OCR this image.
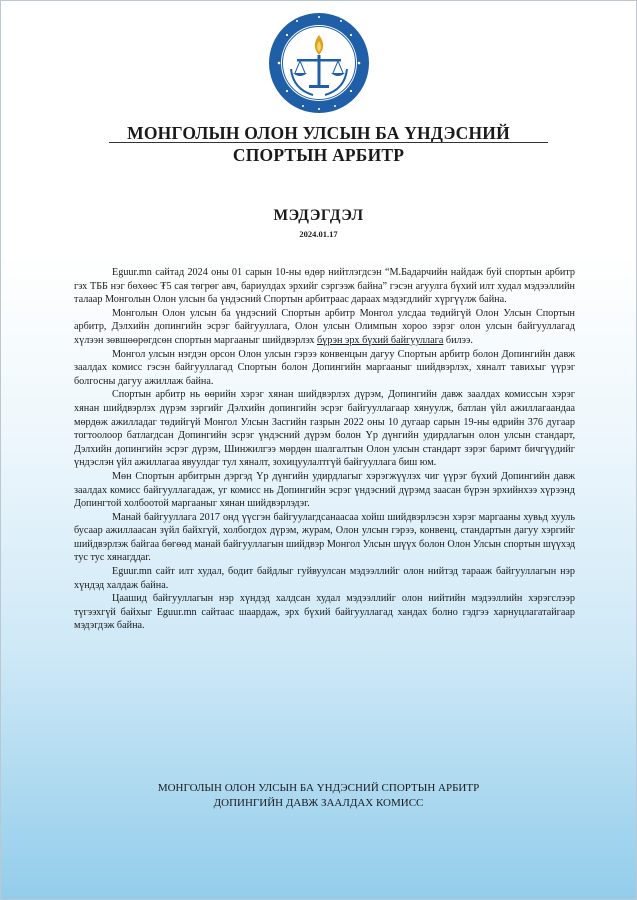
МОНГОЛЫН ОЛОН УЛСЫН БА ҮНДЭСНИЙ
СПОРТЫН АРБИТР
МЭДЭГДЭЛ
2024.01.17

Eguur.mn сайтад 2024 оны 01 сарын 10-ны өдөр нийтлэгдсэн “М.Бадарчийн найдаж буй спортын арбитр гэх ТББ нэг бөхөөс ₮5 сая төгрөг авч, бариулдах эрхийг сэргээж байна” гэсэн агуулга бүхий илт худал мэдээллийн талаар Монголын Олон улсын ба үндэсний Спортын арбитраас дараах мэдэгдлийг хүргүүлж байна.

Монголын Олон улсын ба үндэсний Спортын арбитр Монгол улсдаа төдийгүй Олон Улсын Спортын арбитр, Дэлхийн допингийн эсрэг байгууллага, Олон улсын Олимпын хороо зэрэг олон улсын байгууллагад хүлээн зөвшөөрөгдсөн спортын маргааныг шийдвэрлэх бүрэн эрх бүхий байгууллага билээ.

Монгол улсын нэгдэн орсон Олон улсын гэрээ конвенцын дагуу Спортын арбитр болон Допингийн давж заалдах комисс гэсэн байгууллагад Спортын болон Допингийн маргааныг шийдвэрлэх, хяналт тавихыг үүрэг болгосны дагуу ажиллаж байна.

Спортын арбитр нь өөрийн хэрэг хянан шийдвэрлэх дүрэм, Допингийн давж заалдах комиссын хэрэг хянан шийдвэрлэх дүрэм зэргийг Дэлхийн допингийн эсрэг байгууллагаар хянуулж, батлан үйл ажиллагаандаа мөрдөж ажилладаг төдийгүй Монгол Улсын Засгийн газрын 2022 оны 10 дугаар сарын 19-ны өдрийн 376 дугаар тогтоолоор батлагдсан Допингийн эсрэг үндэсний дүрэм болон Үр дүнгийн удирдлагын олон улсын стандарт, Дэлхийн допингийн эсрэг дүрэм, Шинжилгээ мөрдөн шалгалтын Олон улсын стандарт зэрэг баримт бичгүүдийг үндэслэн үйл ажиллагаа явуулдаг тул хяналт, зохицуулалтгүй байгууллага биш юм.

Мөн Спортын арбитрын дэргэд Үр дүнгийн удирдлагыг хэрэгжүүлэх чиг үүрэг бүхий Допингийн давж заалдах комисс байгууллагадаж, уг комисс нь Допингийн эсрэг үндэсний дүрэмд заасан бүрэн эрхийнхээ хүрээнд Допингтой холбоотой маргааныг хянан шийдвэрлэдэг.

Манай байгууллага 2017 онд үүсгэн байгуулагдсанаасаа хойш шийдвэрлэсэн хэрэг маргааны хувьд хууль бусаар ажиллаасан зүйл байхгүй, холбогдох дүрэм, журам, Олон улсын гэрээ, конвенц, стандартын дагуу хэргийг шийдвэрлэж байгаа бөгөөд манай байгууллагын шийдвэр Монгол Улсын шүүх болон Олон Улсын спортын шүүхэд тус тус хянагддаг.

Eguur.mn сайт илт худал, бодит байдлыг гуйвуулсан мэдээллийг олон нийтэд тарааж байгууллагын нэр хүндэд халдаж байна.

Цаашид байгууллагын нэр хүндэд халдсан худал мэдээллийг олон нийтийн мэдээллийн хэрэгслээр түгээхгүй байхыг Eguur.mn сайтаас шаардаж, эрх бүхий байгууллагад хандах болно гэдгээ харнуцлагатайгаар мэдэгдэж байна.

МОНГОЛЫН ОЛОН УЛСЫН БА ҮНДЭСНИЙ СПОРТЫН АРБИТР
ДОПИНГИЙН ДАВЖ ЗААЛДАХ КОМИСС
